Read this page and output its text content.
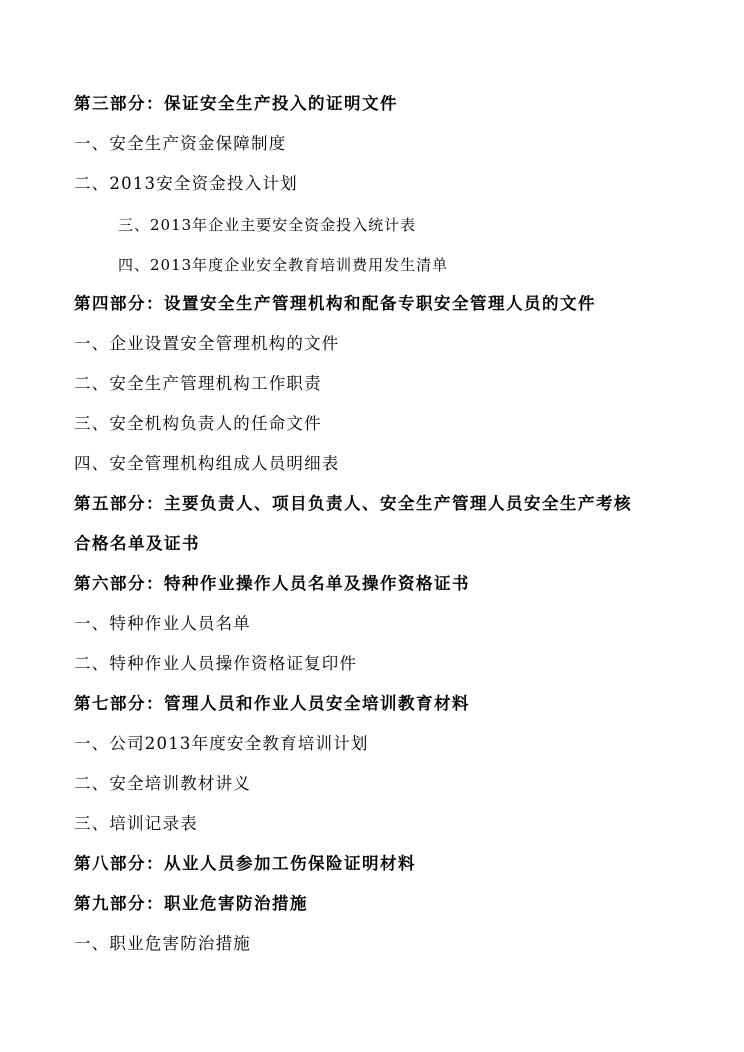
第三部分：保证安全生产投入的证明文件
一、安全生产资金保障制度
二、2013安全资金投入计划
三、2013年企业主要安全资金投入统计表
四、2013年度企业安全教育培训费用发生清单
第四部分：设置安全生产管理机构和配备专职安全管理人员的文件
一、企业设置安全管理机构的文件
二、安全生产管理机构工作职责
三、安全机构负责人的任命文件
四、安全管理机构组成人员明细表
第五部分：主要负责人、项目负责人、安全生产管理人员安全生产考核
合格名单及证书
第六部分：特种作业操作人员名单及操作资格证书
一、特种作业人员名单
二、特种作业人员操作资格证复印件
第七部分：管理人员和作业人员安全培训教育材料
一、公司2013年度安全教育培训计划
二、安全培训教材讲义
三、培训记录表
第八部分：从业人员参加工伤保险证明材料
第九部分：职业危害防治措施
一、职业危害防治措施
